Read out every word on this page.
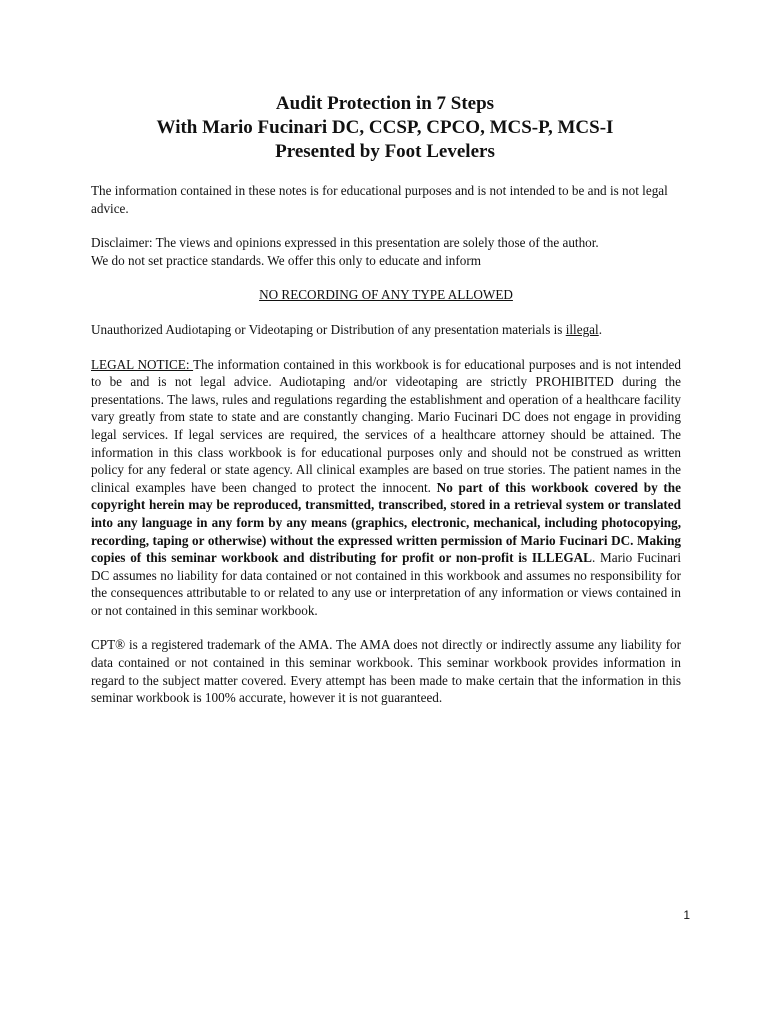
Audit Protection in 7 Steps
With Mario Fucinari DC, CCSP, CPCO, MCS-P, MCS-I
Presented by Foot Levelers

The information contained in these notes is for educational purposes and is not intended to be and is not legal advice.

Disclaimer: The views and opinions expressed in this presentation are solely those of the author.
We do not set practice standards. We offer this only to educate and inform

NO RECORDING OF ANY TYPE ALLOWED

Unauthorized Audiotaping or Videotaping or Distribution of any presentation materials is illegal.

LEGAL NOTICE: The information contained in this workbook is for educational purposes and is not intended to be and is not legal advice. Audiotaping and/or videotaping are strictly PROHIBITED during the presentations. The laws, rules and regulations regarding the establishment and operation of a healthcare facility vary greatly from state to state and are constantly changing. Mario Fucinari DC does not engage in providing legal services. If legal services are required, the services of a healthcare attorney should be attained. The information in this class workbook is for educational purposes only and should not be construed as written policy for any federal or state agency. All clinical examples are based on true stories. The patient names in the clinical examples have been changed to protect the innocent. No part of this workbook covered by the copyright herein may be reproduced, transmitted, transcribed, stored in a retrieval system or translated into any language in any form by any means (graphics, electronic, mechanical, including photocopying, recording, taping or otherwise) without the expressed written permission of Mario Fucinari DC. Making copies of this seminar workbook and distributing for profit or non-profit is ILLEGAL. Mario Fucinari DC assumes no liability for data contained or not contained in this workbook and assumes no responsibility for the consequences attributable to or related to any use or interpretation of any information or views contained in or not contained in this seminar workbook.

CPT® is a registered trademark of the AMA. The AMA does not directly or indirectly assume any liability for data contained or not contained in this seminar workbook. This seminar workbook provides information in regard to the subject matter covered. Every attempt has been made to make certain that the information in this seminar workbook is 100% accurate, however it is not guaranteed.

1
